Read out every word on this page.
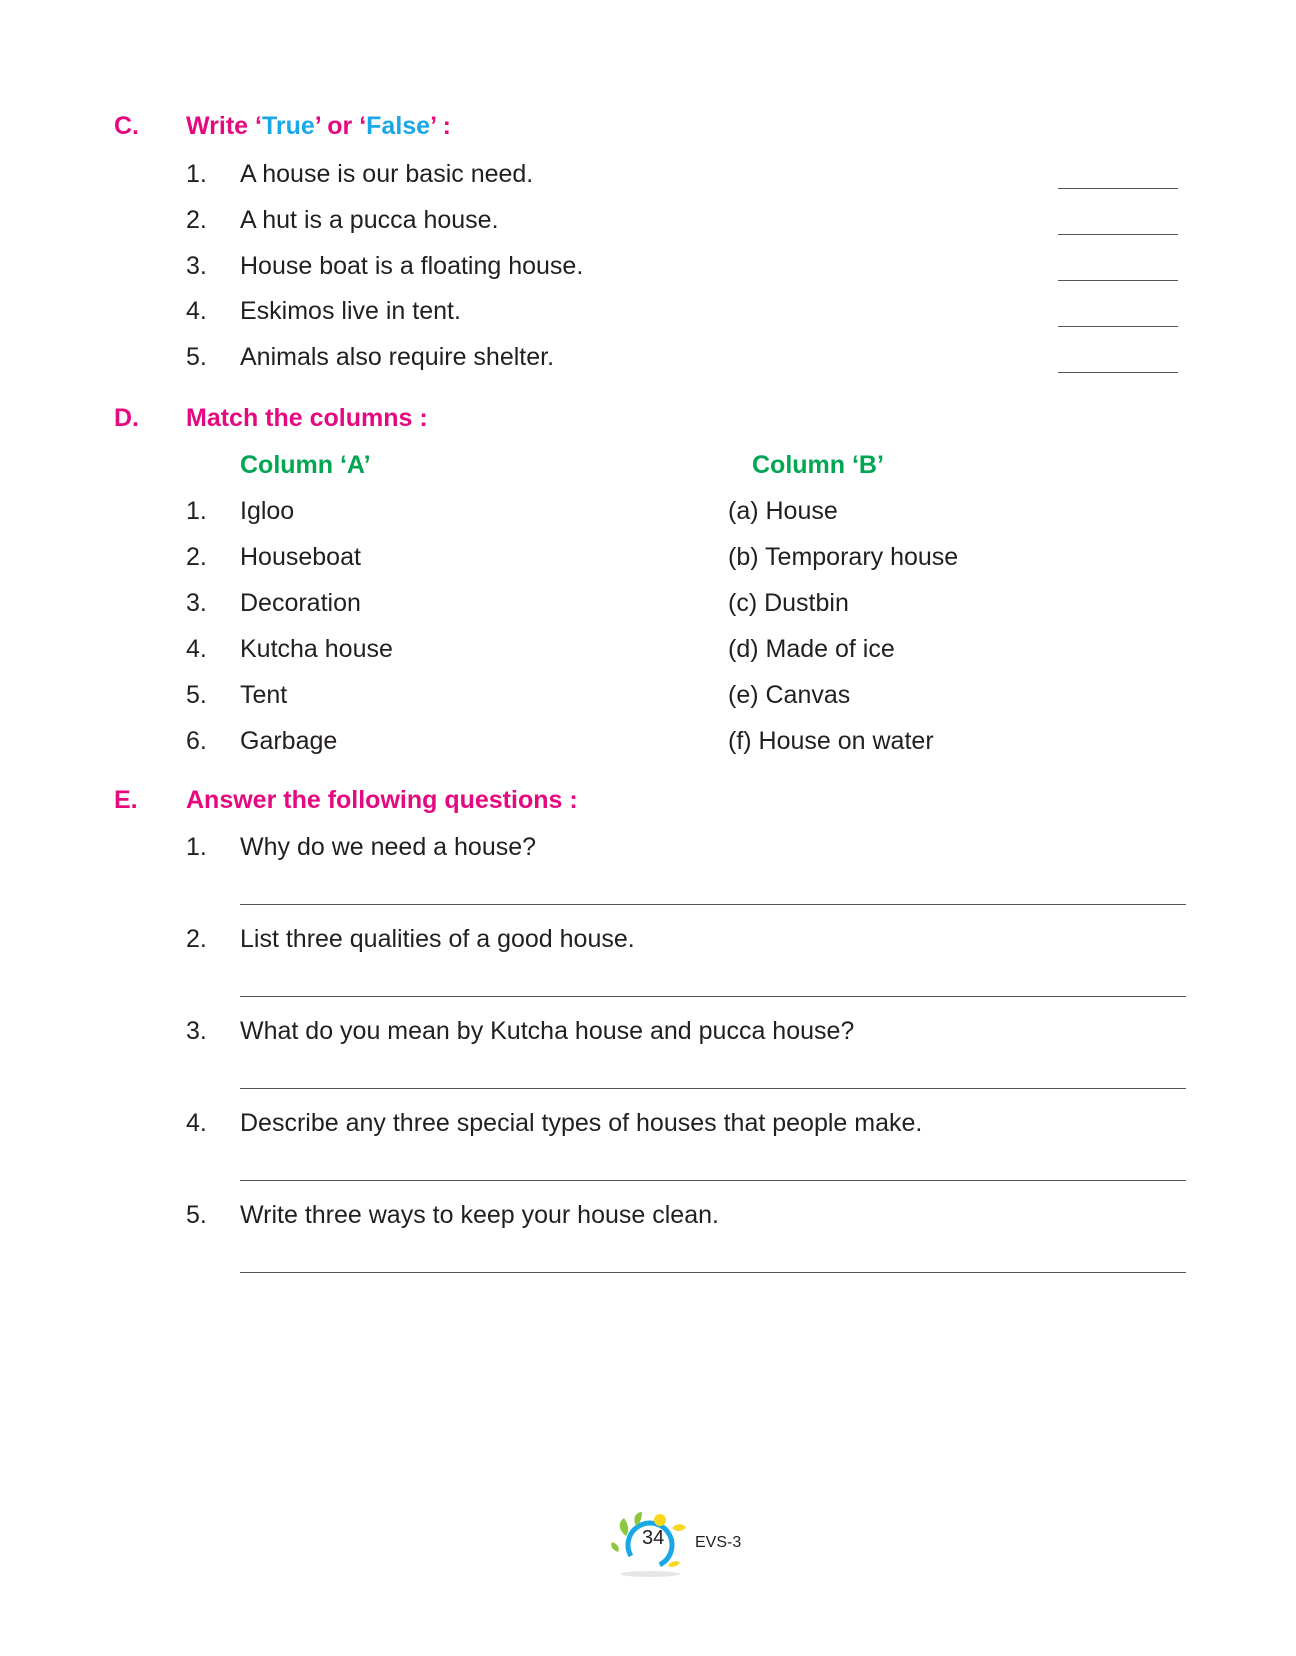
C. Write ‘True’ or ‘False’ :
1. A house is our basic need.
2. A hut is a pucca house.
3. House boat is a floating house.
4. Eskimos live in tent.
5. Animals also require shelter.
D. Match the columns :
Column ‘A’	Column ‘B’
1. Igloo	(a) House
2. Houseboat	(b) Temporary house
3. Decoration	(c) Dustbin
4. Kutcha house	(d) Made of ice
5. Tent	(e) Canvas
6. Garbage	(f) House on water
E. Answer the following questions :
1. Why do we need a house?
2. List three qualities of a good house.
3. What do you mean by Kutcha house and pucca house?
4. Describe any three special types of houses that people make.
5. Write three ways to keep your house clean.
34 EVS-3
